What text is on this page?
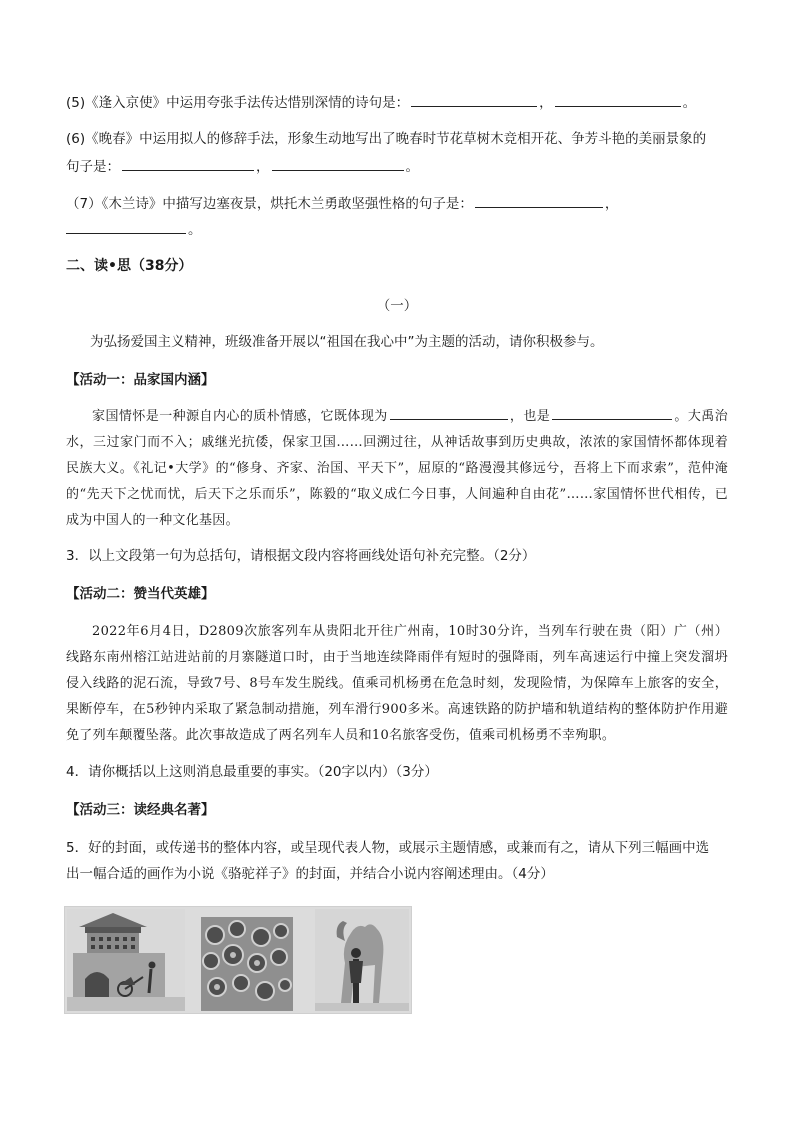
(5)《逢入京使》中运用夸张手法传达惜别深情的诗句是：	，	。
(6)《晚春》中运用拟人的修辞手法，形象生动地写出了晚春时节花草树木竞相开花、争芳斗艳的美丽景象的
句子是：	，	。
（7）《木兰诗》中描写边塞夜景，烘托木兰勇敢坚强性格的句子是：	，
。
二、读•思（38分）
（一）
为弘扬爱国主义精神，班级准备开展以“祖国在我心中”为主题的活动，请你积极参与。
【活动一：品家国内涵】

家国情怀是一种源自内心的质朴情感，它既体现为	，也是	。大禹治水，三过家门而不入；戚继光抗倭，保家卫国……回溯过往，从神话故事到历史典故，浓浓的家国情怀都体现着民族大义。《礼记•大学》的“修身、齐家、治国、平天下”，屈原的“路漫漫其修远兮，吾将上下而求索”，范仲淹的“先天下之忧而忧，后天下之乐而乐”，陈毅的“取义成仁今日事，人间遍种自由花”……家国情怀世代相传，已成为中国人的一种文化基因。

3．以上文段第一句为总括句，请根据文段内容将画线处语句补充完整。（2分）
【活动二：赞当代英雄】

2022年6月4日，D2809次旅客列车从贵阳北开往广州南，10时30分许，当列车行驶在贵（阳）广（州）线路东南州榕江站进站前的月寨隧道口时，由于当地连续降雨伴有短时的强降雨，列车高速运行中撞上突发溜坍侵入线路的泥石流，导致7号、8号车发生脱线。值乘司机杨勇在危急时刻，发现险情，为保障车上旅客的安全，果断停车，在5秒钟内采取了紧急制动措施，列车滑行900多米。高速铁路的防护墙和轨道结构的整体防护作用避免了列车颠覆坠落。此次事故造成了两名列车人员和10名旅客受伤，值乘司机杨勇不幸殉职。

4．请你概括以上这则消息最重要的事实。（20字以内）（3分）
【活动三：读经典名著】
5．好的封面，或传递书的整体内容，或呈现代表人物，或展示主题情感，或兼而有之，请从下列三幅画中选
出一幅合适的画作为小说《骆驼祥子》的封面，并结合小说内容阐述理由。（4分）
